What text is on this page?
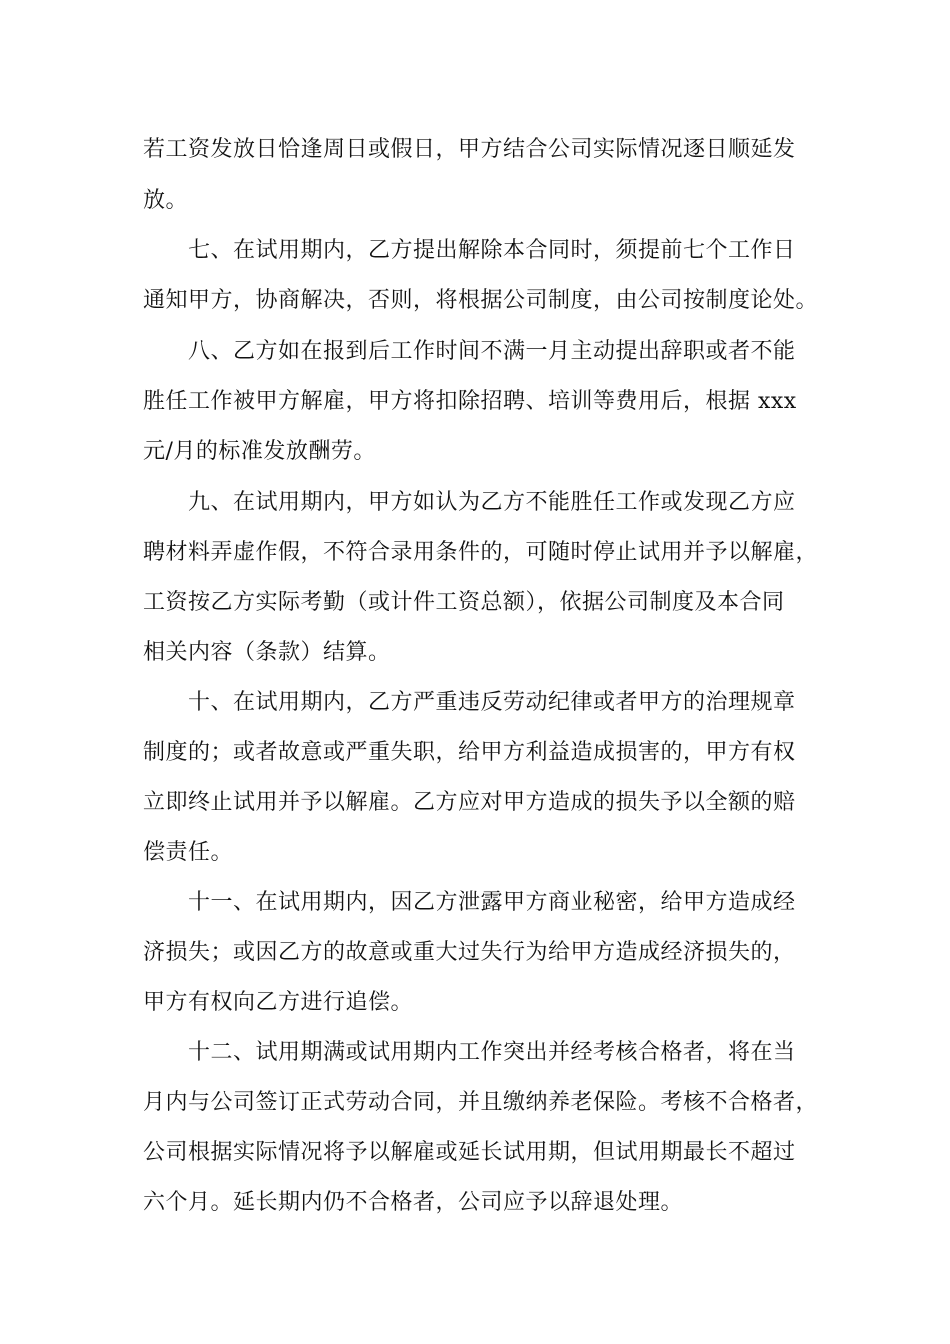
若工资发放日恰逢周日或假日，甲方结合公司实际情况逐日顺延发
放。
七、在试用期内，乙方提出解除本合同时，须提前七个工作日
通知甲方，协商解决，否则，将根据公司制度，由公司按制度论处。
八、乙方如在报到后工作时间不满一月主动提出辞职或者不能
胜任工作被甲方解雇，甲方将扣除招聘、培训等费用后，根据 xxx
元/月的标准发放酬劳。
九、在试用期内，甲方如认为乙方不能胜任工作或发现乙方应
聘材料弄虚作假，不符合录用条件的，可随时停止试用并予以解雇，
工资按乙方实际考勤（或计件工资总额），依据公司制度及本合同
相关内容（条款）结算。
十、在试用期内，乙方严重违反劳动纪律或者甲方的治理规章
制度的；或者故意或严重失职，给甲方利益造成损害的，甲方有权
立即终止试用并予以解雇。乙方应对甲方造成的损失予以全额的赔
偿责任。
十一、在试用期内，因乙方泄露甲方商业秘密，给甲方造成经
济损失；或因乙方的故意或重大过失行为给甲方造成经济损失的，
甲方有权向乙方进行追偿。
十二、试用期满或试用期内工作突出并经考核合格者，将在当
月内与公司签订正式劳动合同，并且缴纳养老保险。考核不合格者，
公司根据实际情况将予以解雇或延长试用期，但试用期最长不超过
六个月。延长期内仍不合格者，公司应予以辞退处理。
